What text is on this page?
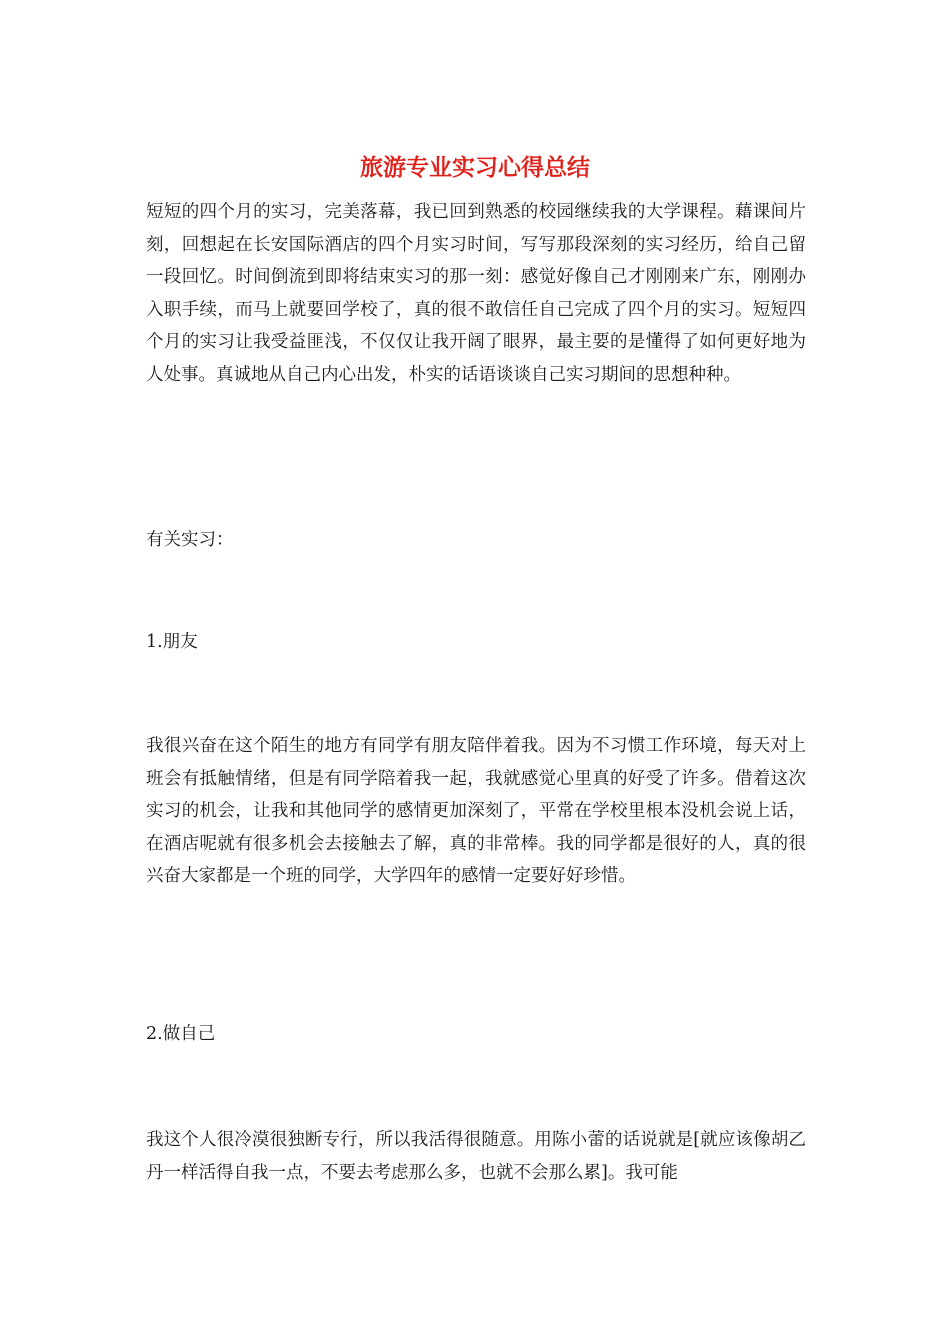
旅游专业实习心得总结

短短的四个月的实习，完美落幕，我已回到熟悉的校园继续我的大学课程。藉课间片刻，回想起在长安国际酒店的四个月实习时间，写写那段深刻的实习经历，给自己留一段回忆。时间倒流到即将结束实习的那一刻：感觉好像自己才刚刚来广东，刚刚办入职手续，而马上就要回学校了，真的很不敢信任自己完成了四个月的实习。短短四个月的实习让我受益匪浅，不仅仅让我开阔了眼界，最主要的是懂得了如何更好地为人处事。真诚地从自己内心出发，朴实的话语谈谈自己实习期间的思想种种。

有关实习：

1.朋友

我很兴奋在这个陌生的地方有同学有朋友陪伴着我。因为不习惯工作环境，每天对上班会有抵触情绪，但是有同学陪着我一起，我就感觉心里真的好受了许多。借着这次实习的机会，让我和其他同学的感情更加深刻了，平常在学校里根本没机会说上话，在酒店呢就有很多机会去接触去了解，真的非常棒。我的同学都是很好的人，真的很兴奋大家都是一个班的同学，大学四年的感情一定要好好珍惜。

2.做自己

我这个人很冷漠很独断专行，所以我活得很随意。用陈小蕾的话说就是[就应该像胡乙丹一样活得自我一点，不要去考虑那么多，也就不会那么累]。我可能
